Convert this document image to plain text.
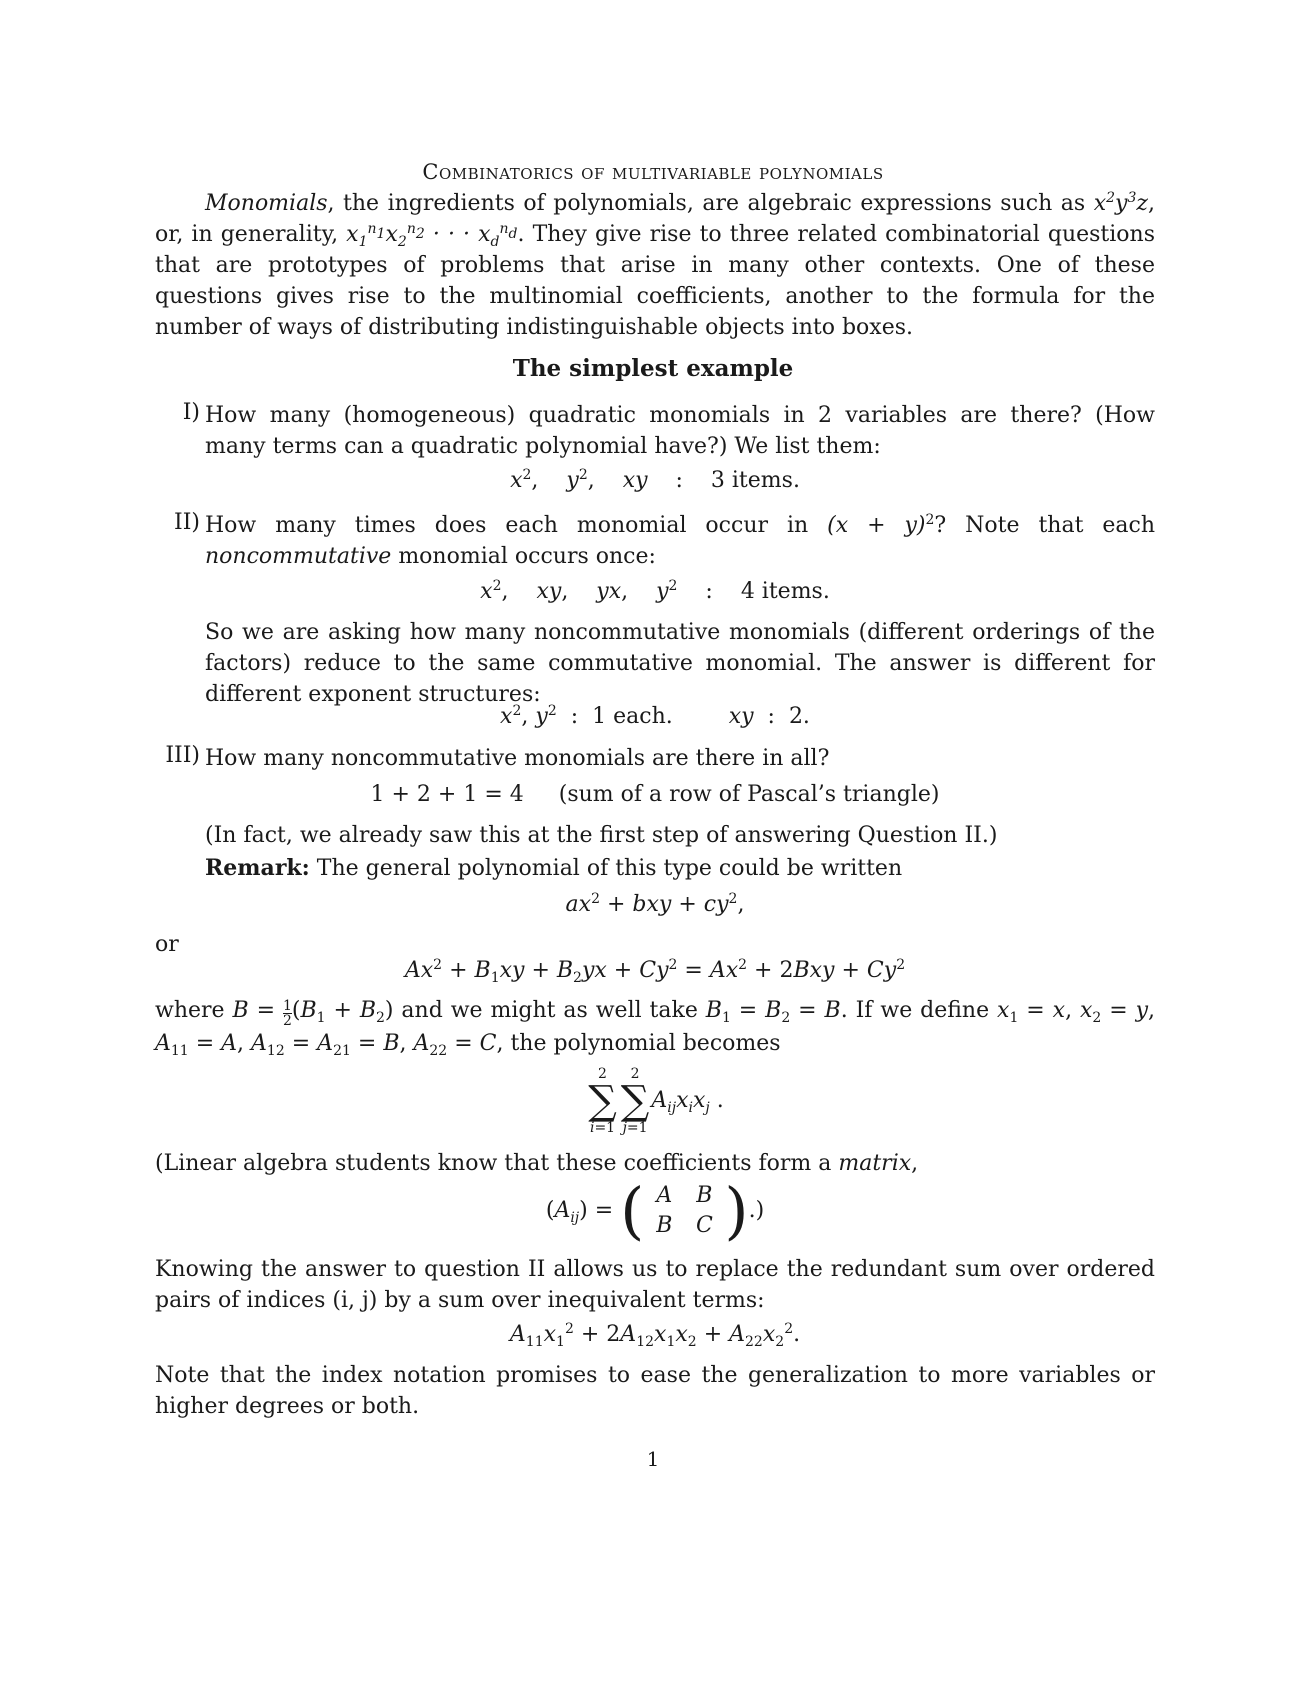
Combinatorics of multivariable polynomials
Monomials, the ingredients of polynomials, are algebraic expressions such as $x^2y^3z$, or, in generality, $x_1^{n_1}x_2^{n_2}$ · · · $x_d^{n_d}$. They give rise to three related combinatorial questions that are prototypes of problems that arise in many other contexts. One of these questions gives rise to the multinomial coefficients, another to the formula for the number of ways of distributing indistinguishable objects into boxes.
The simplest example
I) How many (homogeneous) quadratic monomials in 2 variables are there? (How many terms can a quadratic polynomial have?) We list them:
$x^2$,    $y^2$,    xy    :    3 items.
II) How many times does each monomial occur in $(x + y)^2$? Note that each noncommutative monomial occurs once:
$x^2$,    xy,    yx,    $y^2$    :    4 items.
So we are asking how many noncommutative monomials (different orderings of the factors) reduce to the same commutative monomial. The answer is different for different exponent structures:
$x^2$, $y^2$  :  1 each.	xy  :  2.
III) How many noncommutative monomials are there in all?
1 + 2 + 1 = 4 (sum of a row of Pascal’s triangle)
(In fact, we already saw this at the first step of answering Question II.)
Remark: The general polynomial of this type could be written
$ax^2$ + bxy + $cy^2$,
or
$Ax^2 + B_1xy + B_2yx + Cy^2 = Ax^2 + 2Bxy + Cy^2$
where $B = \frac{1}{2} (B_1 + B_2)$ and we might as well take $B_1 = B_2 = B$. If we define $x_1 = x$, $x_2 = y$, $A_{11} = A$, $A_{12} = A_{21} = B$, $A_{22} = C$, the polynomial becomes
2
∑
i=1
2
∑
j=1
$A_{ij}x_ix_j$ .
(Linear algebra students know that these coefficients form a matrix,
$(A_{ij})$ = ( A	B
B	C ).)
Knowing the answer to question II allows us to replace the redundant sum over ordered pairs of indices (i, j) by a sum over inequivalent terms:
$A_{11}x_1^2 + 2A_{12}x_1x_2 + A_{22}x_2^2$.
Note that the index notation promises to ease the generalization to more variables or higher degrees or both.
1
